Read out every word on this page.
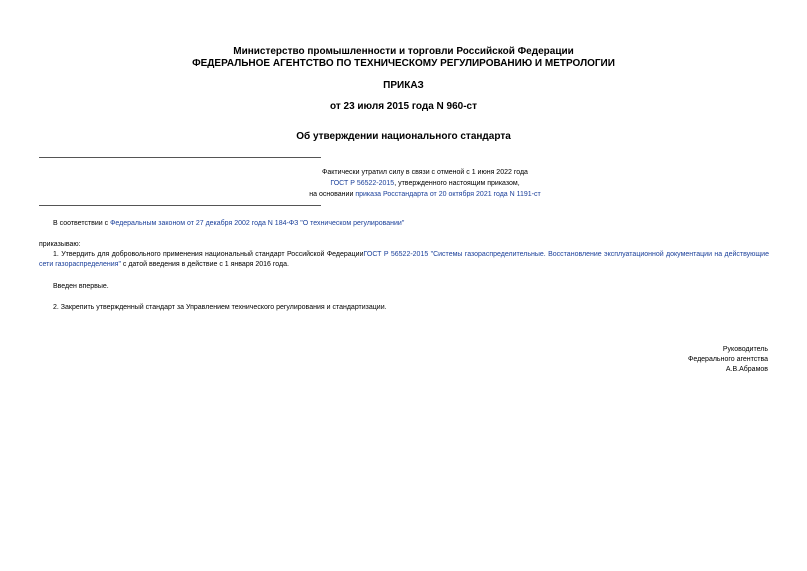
Министерство промышленности и торговли Российской Федерации
ФЕДЕРАЛЬНОЕ АГЕНТСТВО ПО ТЕХНИЧЕСКОМУ РЕГУЛИРОВАНИЮ И МЕТРОЛОГИИ
ПРИКАЗ
от 23 июля 2015 года N 960-ст
Об утверждении национального стандарта
Фактически утратил силу в связи с отменой с 1 июня 2022 года
ГОСТ Р 56522-2015, утвержденного настоящим приказом,
на основании приказа Росстандарта от 20 октября 2021 года N 1191-ст
В соответствии с Федеральным законом от 27 декабря 2002 года N 184-ФЗ "О техническом регулировании"
приказываю:
1. Утвердить для добровольного применения национальный стандарт Российской ФедерацииГОСТ Р 56522-2015 "Системы газораспределительные. Восстановление эксплуатационной документации на действующие сети газораспределения" с датой введения в действие с 1 января 2016 года.
Введен впервые.
2. Закрепить утвержденный стандарт за Управлением технического регулирования и стандартизации.
Руководитель
Федерального агентства
А.В.Абрамов
